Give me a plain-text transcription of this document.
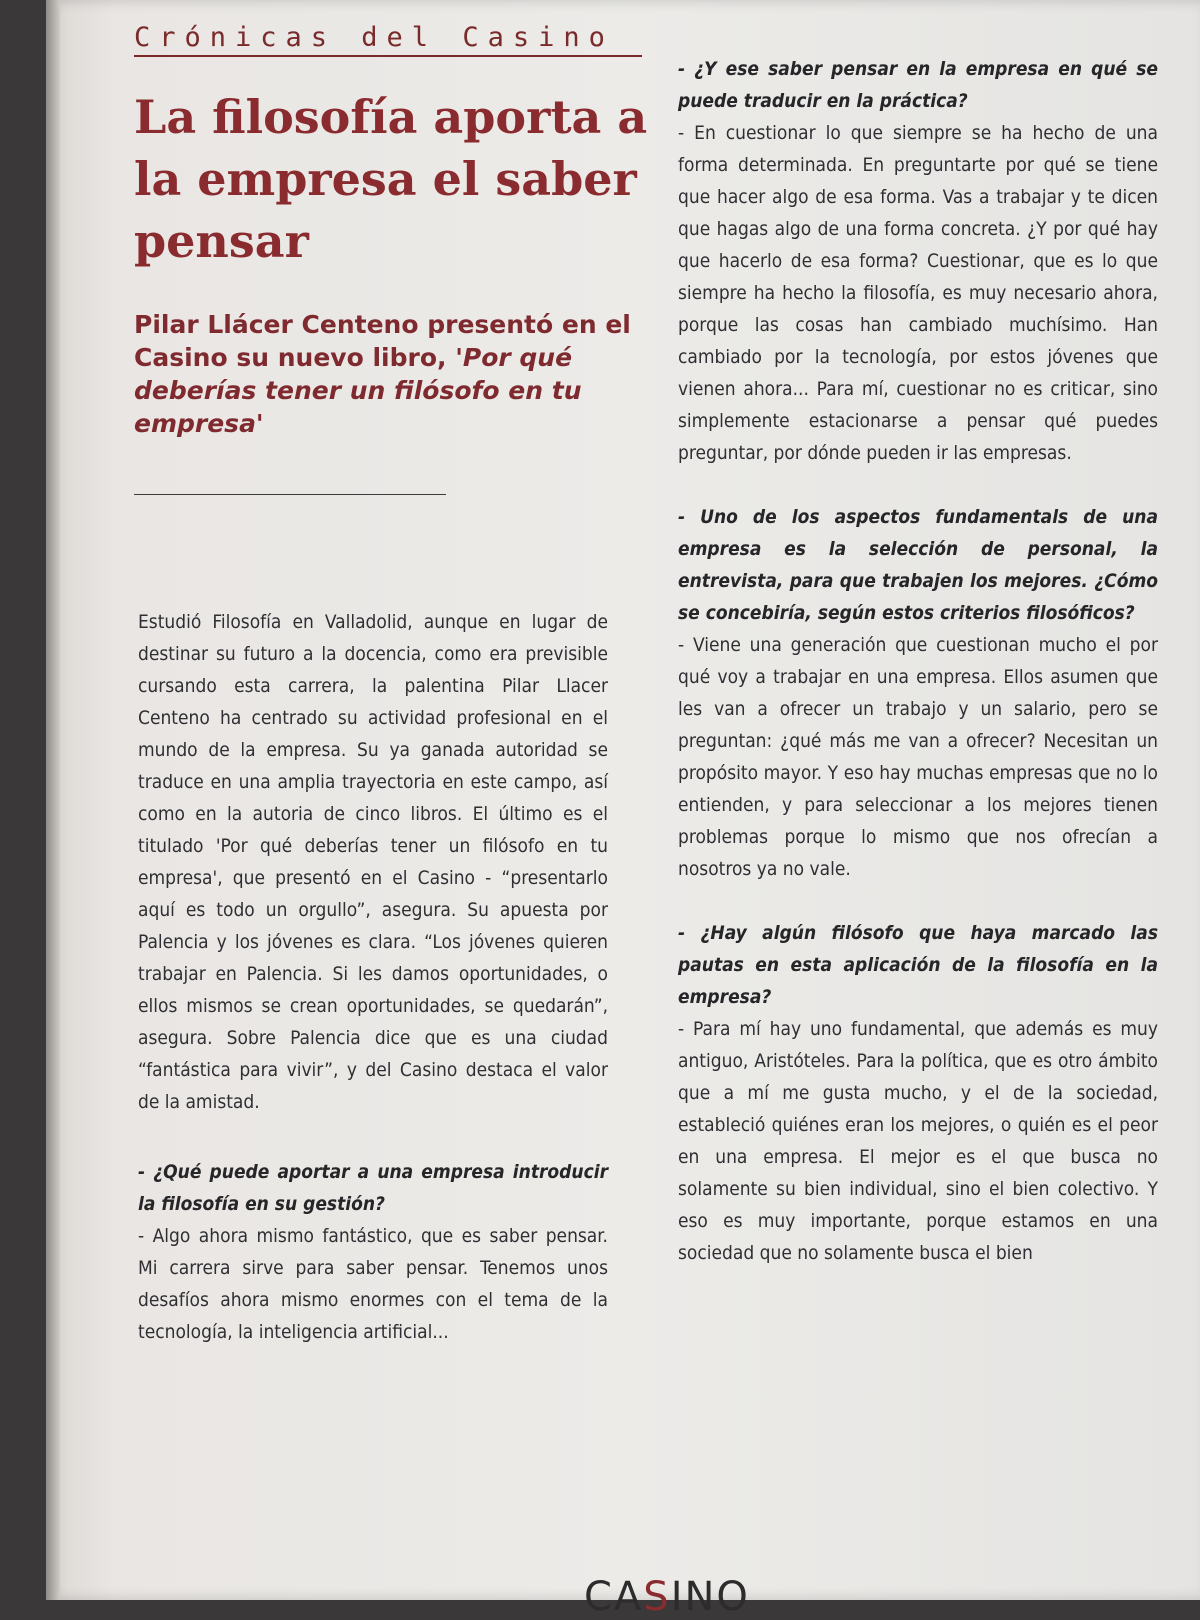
Crónicas del Casino
La filosofía aporta a la empresa el saber pensar
Pilar Llácer Centeno presentó en el Casino su nuevo libro, 'Por qué deberías tener un filósofo en tu empresa'

Estudió Filosofía en Valladolid, aunque en lugar de destinar su futuro a la docencia, como era previsible cursando esta carrera, la palentina Pilar Llacer Centeno ha centrado su actividad profesional en el mundo de la empresa. Su ya ganada autoridad se traduce en una amplia trayectoria en este campo, así como en la autoria de cinco libros. El último es el titulado 'Por qué deberías tener un filósofo en tu empresa', que presentó en el Casino - “presentarlo aquí es todo un orgullo”, asegura. Su apuesta por Palencia y los jóvenes es clara. “Los jóvenes quieren trabajar en Palencia. Si les damos oportunidades, o ellos mismos se crean oportunidades, se quedarán”, asegura. Sobre Palencia dice que es una ciudad “fantástica para vivir”, y del Casino destaca el valor de la amistad.

- ¿Qué puede aportar a una empresa introducir la filosofía en su gestión?

- Algo ahora mismo fantástico, que es saber pensar. Mi carrera sirve para saber pensar. Tenemos unos desafíos ahora mismo enormes con el tema de la tecnología, la inteligencia artificial...

- ¿Y ese saber pensar en la empresa en qué se puede traducir en la práctica?

- En cuestionar lo que siempre se ha hecho de una forma determinada. En preguntarte por qué se tiene que hacer algo de esa forma. Vas a trabajar y te dicen que hagas algo de una forma concreta. ¿Y por qué hay que hacerlo de esa forma? Cuestionar, que es lo que siempre ha hecho la filosofía, es muy necesario ahora, porque las cosas han cambiado muchísimo. Han cambiado por la tecnología, por estos jóvenes que vienen ahora... Para mí, cuestionar no es criticar, sino simplemente estacionarse a pensar qué puedes preguntar, por dónde pueden ir las empresas.

- Uno de los aspectos fundamentals de una empresa es la selección de personal, la entrevista, para que trabajen los mejores. ¿Cómo se concebiría, según estos criterios filosóficos?

- Viene una generación que cuestionan mucho el por qué voy a trabajar en una empresa. Ellos asumen que les van a ofrecer un trabajo y un salario, pero se preguntan: ¿qué más me van a ofrecer? Necesitan un propósito mayor. Y eso hay muchas empresas que no lo entienden, y para seleccionar a los mejores tienen problemas porque lo mismo que nos ofrecían a nosotros ya no vale.

- ¿Hay algún filósofo que haya marcado las pautas en esta aplicación de la filosofía en la empresa?

- Para mí hay uno fundamental, que además es muy antiguo, Aristóteles. Para la política, que es otro ámbito que a mí me gusta mucho, y el de la sociedad, estableció quiénes eran los mejores, o quién es el peor en una empresa. El mejor es el que busca no solamente su bien individual, sino el bien colectivo. Y eso es muy importante, porque estamos en una sociedad que no solamente busca el bien

CASINO
